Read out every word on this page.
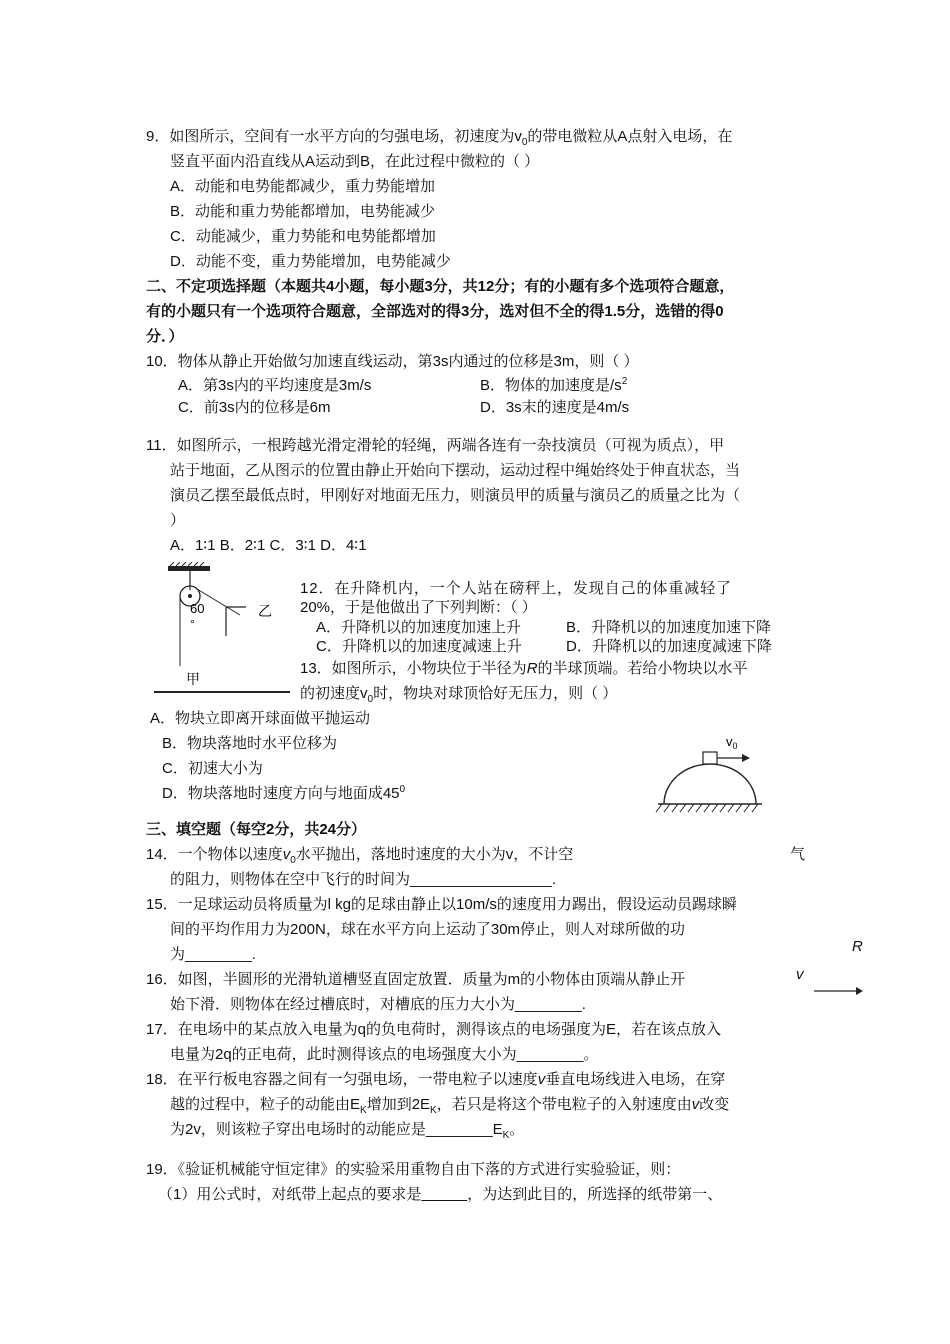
9．如图所示，空间有一水平方向的匀强电场，初速度为$v_0$的带电微粒从A点射入电场，在
竖直平面内沿直线从A运动到B，在此过程中微粒的（ ）
A．动能和电势能都减少，重力势能增加
B．动能和重力势能都增加，电势能减少
C．动能减少，重力势能和电势能都增加
D．动能不变，重力势能增加，电势能减少
二、不定项选择题（本题共4小题，每小题3分，共12分；有的小题有多个选项符合题意，
有的小题只有一个选项符合题意，全部选对的得3分，选对但不全的得1.5分，选错的得0
分．）
10．物体从静止开始做匀加速直线运动，第3s内通过的位移是3m，则（ ）
A．第3s内的平均速度是3m/s	B．物体的加速度是$/s^2$
C．前3s内的位移是6m	D．3s末的速度是4m/s
11．如图所示，一根跨越光滑定滑轮的轻绳，两端各连有一杂技演员（可视为质点），甲
站于地面，乙从图示的位置由静止开始向下摆动，运动过程中绳始终处于伸直状态，当
演员乙摆至最低点时，甲刚好对地面无压力，则演员甲的质量与演员乙的质量之比为（
）
A．1∶1 B．2∶1 C．3∶1 D．4∶1
60
°
乙
甲
12．在升降机内，一个人站在磅秤上，发现自己的体重减轻了
20%，于是他做出了下列判断：（ ）
A．升降机以的加速度加速上升	B．升降机以的加速度加速下降
C．升降机以的加速度减速上升	D．升降机以的加速度减速下降
13．如图所示，小物块位于半径为R的半球顶端。若给小物块以水平
的初速度$v_0$时，物块对球顶恰好无压力，则（ ）
A．物块立即离开球面做平抛运动
B．物块落地时水平位移为
C．初速大小为
D．物块落地时速度方向与地面成$45^0$
$v_0$
三、填空题（每空2分，共24分）
14．一个物体以速度$v_0$水平抛出，落地时速度的大小为v，不计空	气
的阻力，则物体在空中飞行的时间为_________________.
15．一足球运动员将质量为l kg的足球由静止以10m/s的速度用力踢出，假设运动员踢球瞬
间的平均作用力为200N，球在水平方向上运动了30m停止，则人对球所做的功
为________.	R
v
16．如图，半圆形的光滑轨道槽竖直固定放置．质量为m的小物体由顶端从静止开
始下滑．则物体在经过槽底时，对槽底的压力大小为________.
17．在电场中的某点放入电量为q的负电荷时，测得该点的电场强度为E，若在该点放入
电量为2q的正电荷，此时测得该点的电场强度大小为________。
18．在平行板电容器之间有一匀强电场，一带电粒子以速度v垂直电场线进入电场，在穿
越的过程中，粒子的动能由$E_K$增加到$2E_K$，若只是将这个带电粒子的入射速度由v改变
为2v，则该粒子穿出电场时的动能应是$\_\_\_\_\_\_\_\_E_K$。
19．《验证机械能守恒定律》的实验采用重物自由下落的方式进行实验验证，则：
（1）用公式时，对纸带上起点的要求是	，为达到此目的，所选择的纸带第一、
